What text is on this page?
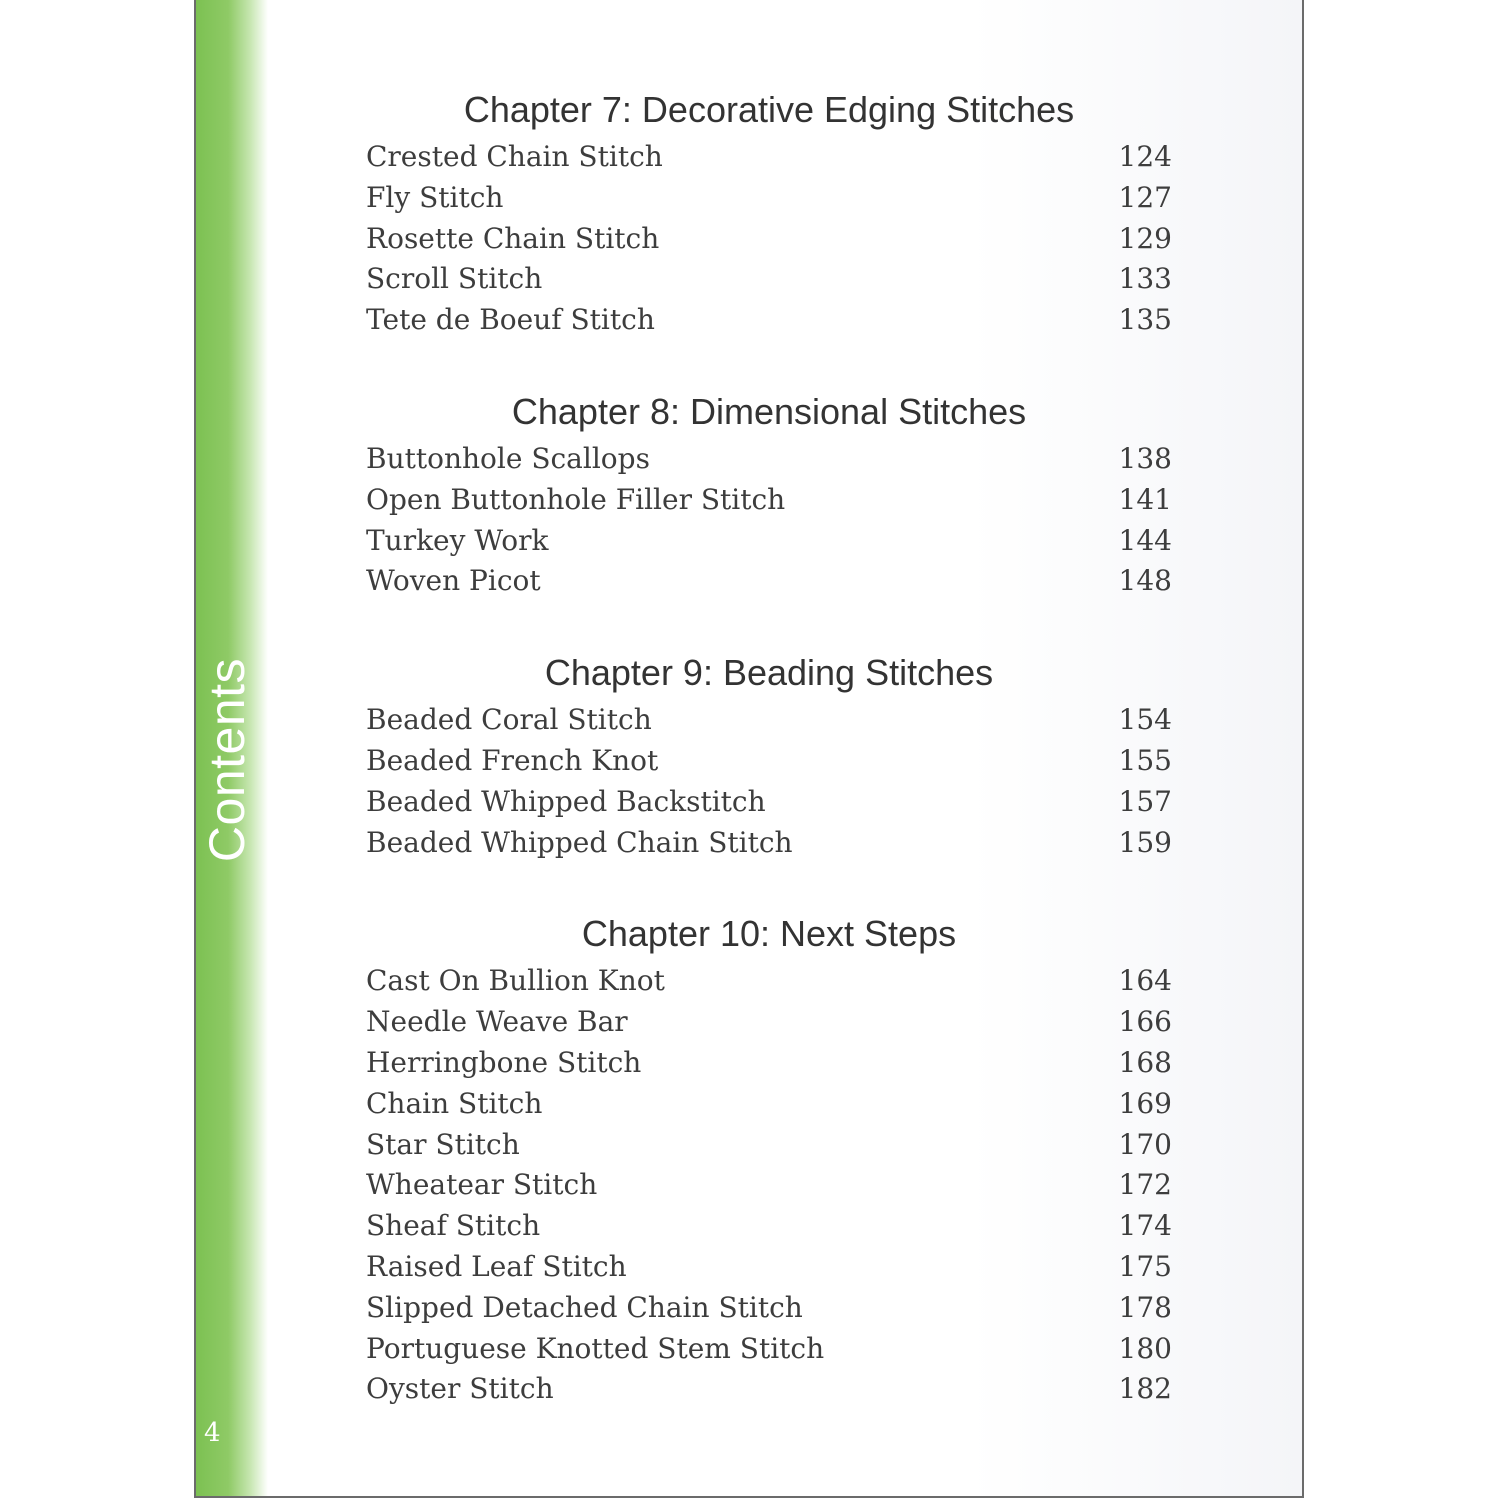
Contents
4
Chapter 7: Decorative Edging Stitches
Crested Chain Stitch	124
Fly Stitch	127
Rosette Chain Stitch	129
Scroll Stitch	133
Tete de Boeuf Stitch	135
Chapter 8: Dimensional Stitches
Buttonhole Scallops	138
Open Buttonhole Filler Stitch	141
Turkey Work	144
Woven Picot	148
Chapter 9: Beading Stitches
Beaded Coral Stitch	154
Beaded French Knot	155
Beaded Whipped Backstitch	157
Beaded Whipped Chain Stitch	159
Chapter 10: Next Steps
Cast On Bullion Knot	164
Needle Weave Bar	166
Herringbone Stitch	168
Chain Stitch	169
Star Stitch	170
Wheatear Stitch	172
Sheaf Stitch	174
Raised Leaf Stitch	175
Slipped Detached Chain Stitch	178
Portuguese Knotted Stem Stitch	180
Oyster Stitch	182
